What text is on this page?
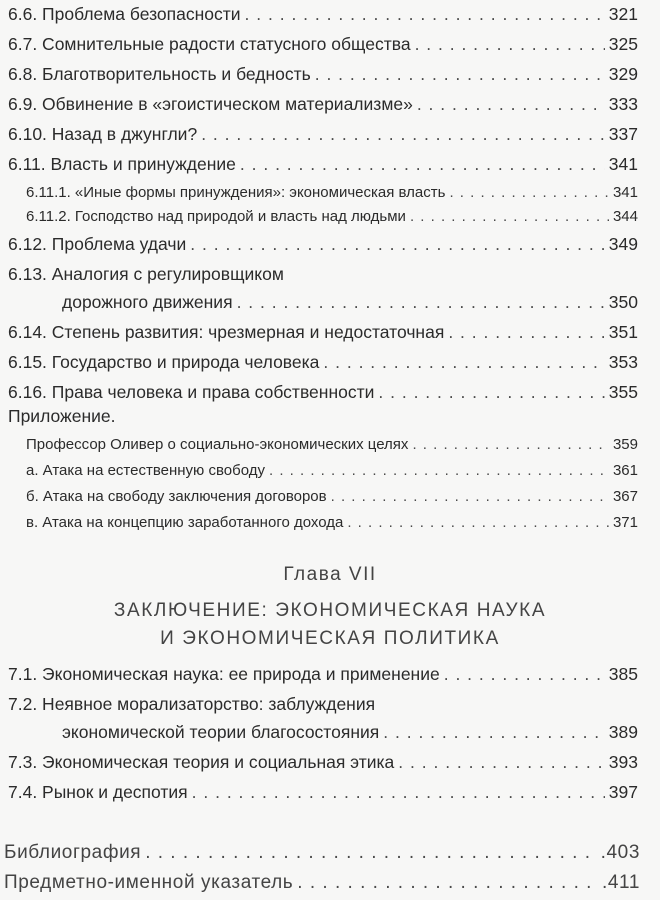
6.6. Проблема безопасности . . .	321
6.7. Сомнительные радости статусного общества . . .	325
6.8. Благотворительность и бедность . . .	329
6.9. Обвинение в «эгоистическом материализме» . . .	333
6.10. Назад в джунгли? . . .	337
6.11. Власть и принуждение . . .	341
6.11.1. «Иные формы принуждения»: экономическая власть . . .	341
6.11.2. Господство над природой и власть над людьми . . .	344
6.12. Проблема удачи . . .	349
6.13. Аналогия с регулировщиком
дорожного движения . . .	350
6.14. Степень развития: чрезмерная и недостаточная . . .	351
6.15. Государство и природа человека . . .	353
6.16. Права человека и права собственности . . .	355
Приложение.
Профессор Оливер о социально-экономических целях . . .	359
а. Атака на естественную свободу . . .	361
б. Атака на свободу заключения договоров . . .	367
в. Атака на концепцию заработанного дохода . . .	371
Глава VII
ЗАКЛЮЧЕНИЕ: ЭКОНОМИЧЕСКАЯ НАУКА
И ЭКОНОМИЧЕСКАЯ ПОЛИТИКА
7.1. Экономическая наука: ее природа и применение . . .	385
7.2. Неявное морализаторство: заблуждения
экономической теории благосостояния . . .	389
7.3. Экономическая теория и социальная этика . . .	393
7.4. Рынок и деспотия . . .	397
Библиография . . .	.403
Предметно-именной указатель . . .	.411
